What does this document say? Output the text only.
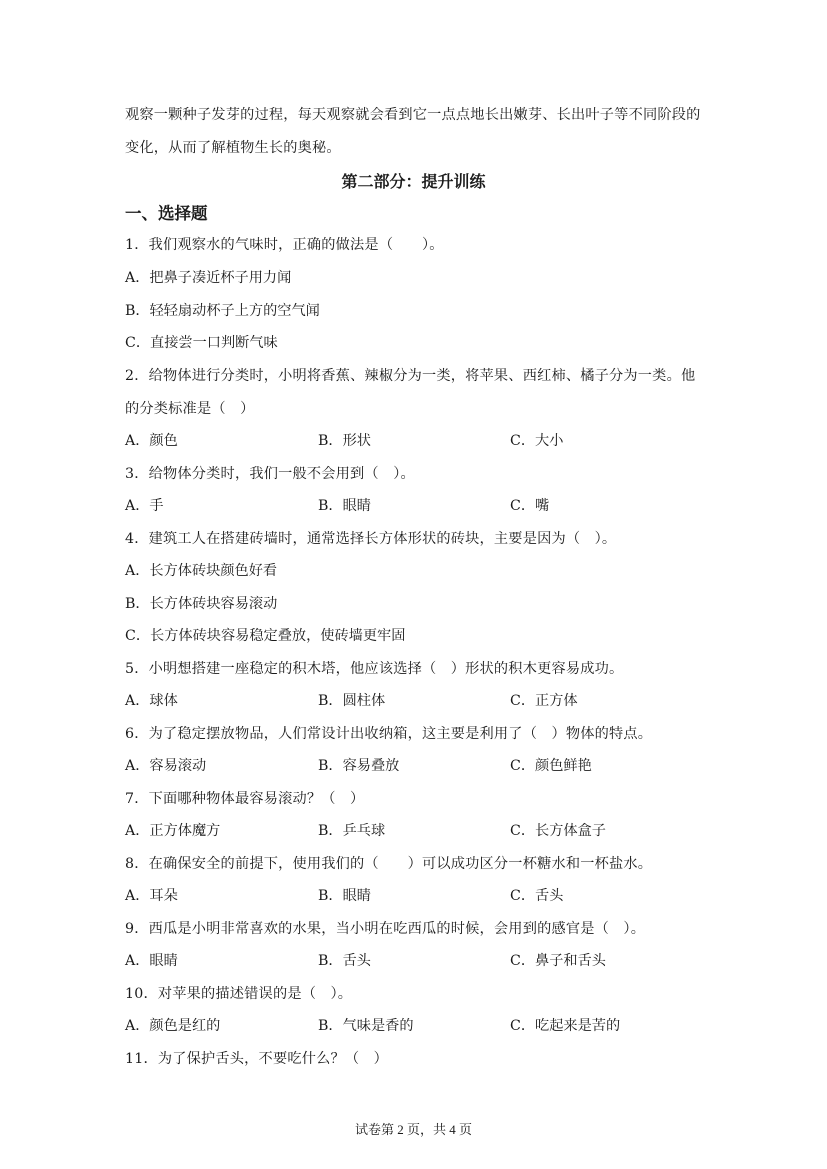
观察一颗种子发芽的过程，每天观察就会看到它一点点地长出嫩芽、长出叶子等不同阶段的
变化，从而了解植物生长的奥秘。
第二部分：提升训练
一、选择题
1．我们观察水的气味时，正确的做法是（　　）。
A．把鼻子凑近杯子用力闻
B．轻轻扇动杯子上方的空气闻
C．直接尝一口判断气味
2．给物体进行分类时，小明将香蕉、辣椒分为一类，将苹果、西红柿、橘子分为一类。他
的分类标准是（　）
A．颜色	B．形状	C．大小
3．给物体分类时，我们一般不会用到（　）。
A．手	B．眼睛	C．嘴
4．建筑工人在搭建砖墙时，通常选择长方体形状的砖块，主要是因为（　）。
A．长方体砖块颜色好看
B．长方体砖块容易滚动
C．长方体砖块容易稳定叠放，使砖墙更牢固
5．小明想搭建一座稳定的积木塔，他应该选择（　）形状的积木更容易成功。
A．球体	B．圆柱体	C．正方体
6．为了稳定摆放物品，人们常设计出收纳箱，这主要是利用了（　）物体的特点。
A．容易滚动	B．容易叠放	C．颜色鲜艳
7．下面哪种物体最容易滚动？（　）
A．正方体魔方	B．乒乓球	C．长方体盒子
8．在确保安全的前提下，使用我们的（　　）可以成功区分一杯糖水和一杯盐水。
A．耳朵	B．眼睛	C．舌头
9．西瓜是小明非常喜欢的水果，当小明在吃西瓜的时候，会用到的感官是（　）。
A．眼睛	B．舌头	C．鼻子和舌头
10．对苹果的描述错误的是（　）。
A．颜色是红的	B．气味是香的	C．吃起来是苦的
11．为了保护舌头，不要吃什么？（　）
试卷第 2 页，共 4 页
